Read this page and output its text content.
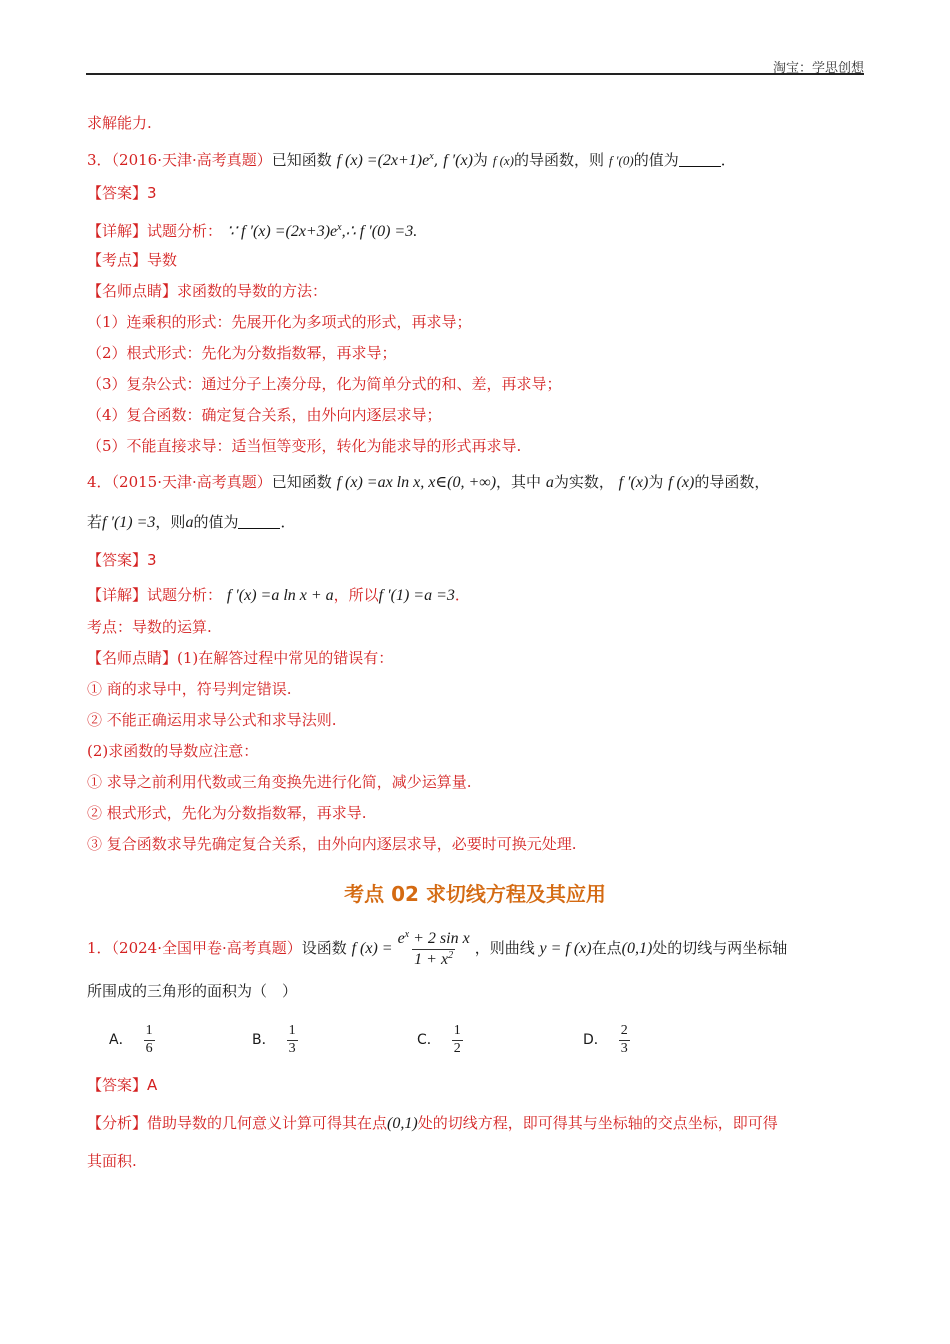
淘宝：学思创想
求解能力.
3．（2016·天津·高考真题）已知函数 f $(x) =(2x+1)e^x$, f ′(x)为 f (x)的导函数，则 f ′(0)的值为	．
【答案】3
【详解】试题分析： ∵ f $'(x) =(2x+3)e^x,\therefore$ f ′(0) =3.
【考点】导数
【名师点睛】求函数的导数的方法：
（1）连乘积的形式：先展开化为多项式的形式，再求导；
（2）根式形式：先化为分数指数幂，再求导；
（3）复杂公式：通过分子上凑分母，化为简单分式的和、差，再求导；
（4）复合函数：确定复合关系，由外向内逐层求导；
（5）不能直接求导：适当恒等变形，转化为能求导的形式再求导.
4．（2015·天津·高考真题）已知函数 f (x) =ax ln x, x∈(0, +∞)，其中 a为实数， f ′(x)为 f (x)的导函数，
若f ′(1) =3，则a的值为	．
【答案】3
【详解】试题分析： f ′(x) =a ln x + a，所以f ′(1) =a =3．
考点：导数的运算.
【名师点睛】(1)在解答过程中常见的错误有：
① 商的求导中，符号判定错误.
② 不能正确运用求导公式和求导法则.
(2)求函数的导数应注意：
① 求导之前利用代数或三角变换先进行化简，减少运算量.
② 根式形式，先化为分数指数幂，再求导.
③ 复合函数求导先确定复合关系，由外向内逐层求导，必要时可换元处理.
考点 02 求切线方程及其应用
1．（2024·全国甲卷·高考真题）设函数 f $(x) = \frac{e^x + 2 \sin x}{1 + x^2}$ ，则曲线 y = f (x)在点(0,1)处的切线与两坐标轴
所围成的三角形的面积为（　）
A． $\frac{1}{6}$	B． $\frac{1}{3}$	C． $\frac{1}{2}$	D． $\frac{2}{3}$
【答案】A
【分析】借助导数的几何意义计算可得其在点(0,1)处的切线方程，即可得其与坐标轴的交点坐标，即可得
其面积.
